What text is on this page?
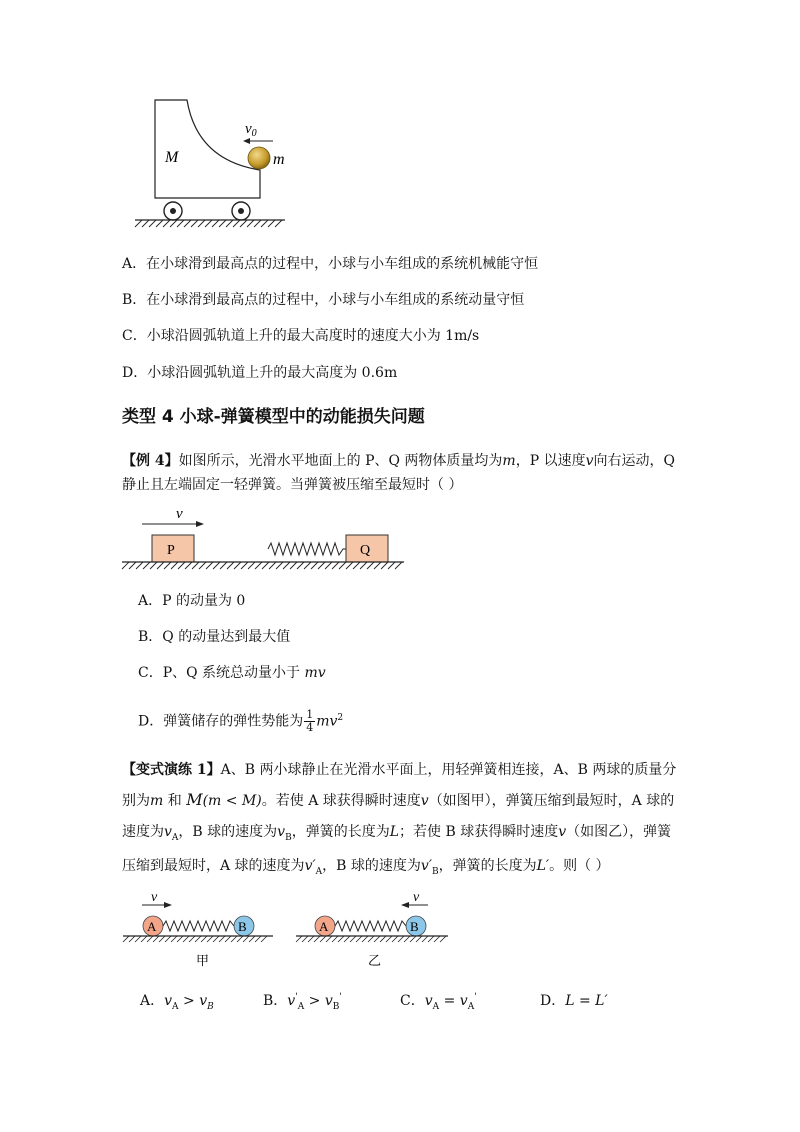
$v_0$
M	m
A．在小球滑到最高点的过程中，小球与小车组成的系统机械能守恒
B．在小球滑到最高点的过程中，小球与小车组成的系统动量守恒
C．小球沿圆弧轨道上升的最大高度时的速度大小为 1m/s
D．小球沿圆弧轨道上升的最大高度为 0.6m
类型 4 小球-弹簧模型中的动能损失问题
【例 4】如图所示，光滑水平地面上的 P、Q 两物体质量均为m，P 以速度v向右运动，Q
静止且左端固定一轻弹簧。当弹簧被压缩至最短时（ ）
v
P	Q
A．P 的动量为 0
B．Q 的动量达到最大值
C．P、Q 系统总动量小于 mv
D．弹簧储存的弹性势能为 $\frac{1}{4} mv^2$
【变式演练 1】A、B 两小球静止在光滑水平面上，用轻弹簧相连接，A、B 两球的质量分
别为m 和 M(m < M)。若使 A 球获得瞬时速度v（如图甲），弹簧压缩到最短时，A 球的
速度为$v_A$，B 球的速度为$v_B$，弹簧的长度为L；若使 B 球获得瞬时速度v（如图乙），弹簧
压缩到最短时，A 球的速度为$v'_A$，B 球的速度为$v'_B$，弹簧的长度为L′。则（ ）
v
A	B
甲
v
A	B
乙
A．$v_A > v_B$	B．$v'_A > v_B'$	C．$v_A = v_A'$	D．L = L′
